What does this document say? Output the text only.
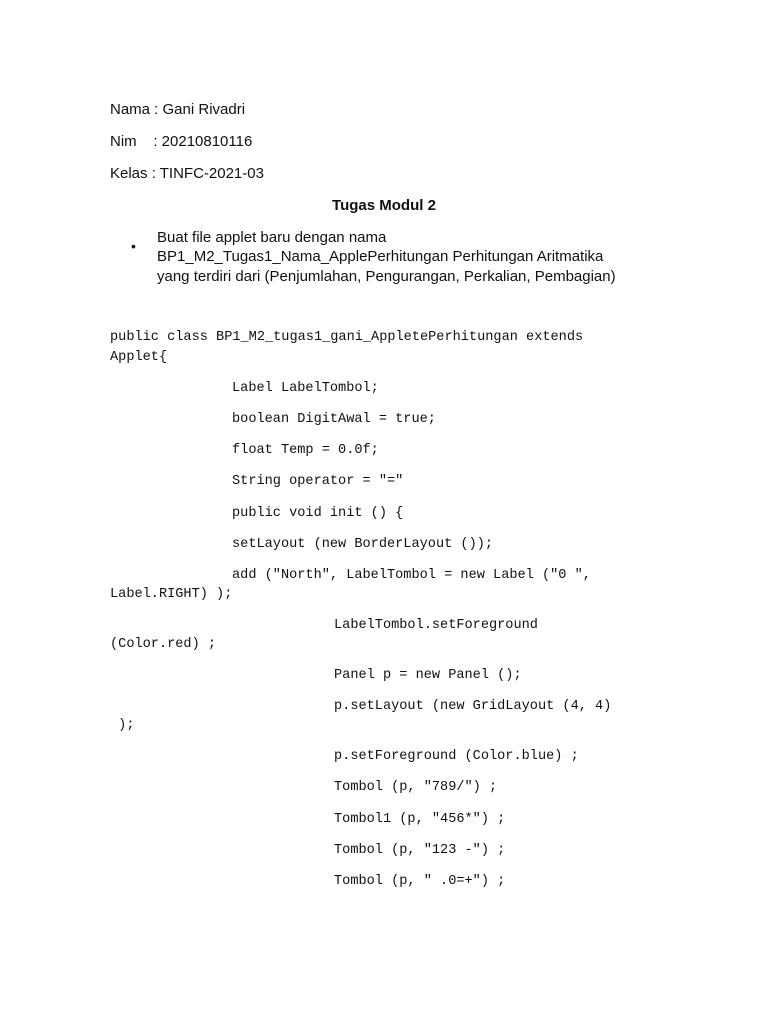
Nama : Gani Rivadri
Nim    : 20210810116
Kelas : TINFC-2021-03
Tugas Modul 2
• Buat file applet baru dengan nama
BP1_M2_Tugas1_Nama_ApplePerhitungan Perhitungan Aritmatika
yang terdiri dari (Penjumlahan, Pengurangan, Perkalian, Pembagian)
public class BP1_M2_tugas1_gani_AppletePerhitungan extends
Applet{
Label LabelTombol;
boolean DigitAwal = true;
float Temp = 0.0f;
String operator = "="
public void init () {
setLayout (new BorderLayout ());
add ("North", LabelTombol = new Label ("0 ",
Label.RIGHT) );
LabelTombol.setForeground
(Color.red) ;
Panel p = new Panel ();
p.setLayout (new GridLayout (4, 4)
);
p.setForeground (Color.blue) ;
Tombol (p, "789/") ;
Tombol1 (p, "456*") ;
Tombol (p, "123 -") ;
Tombol (p, " .0=+") ;
